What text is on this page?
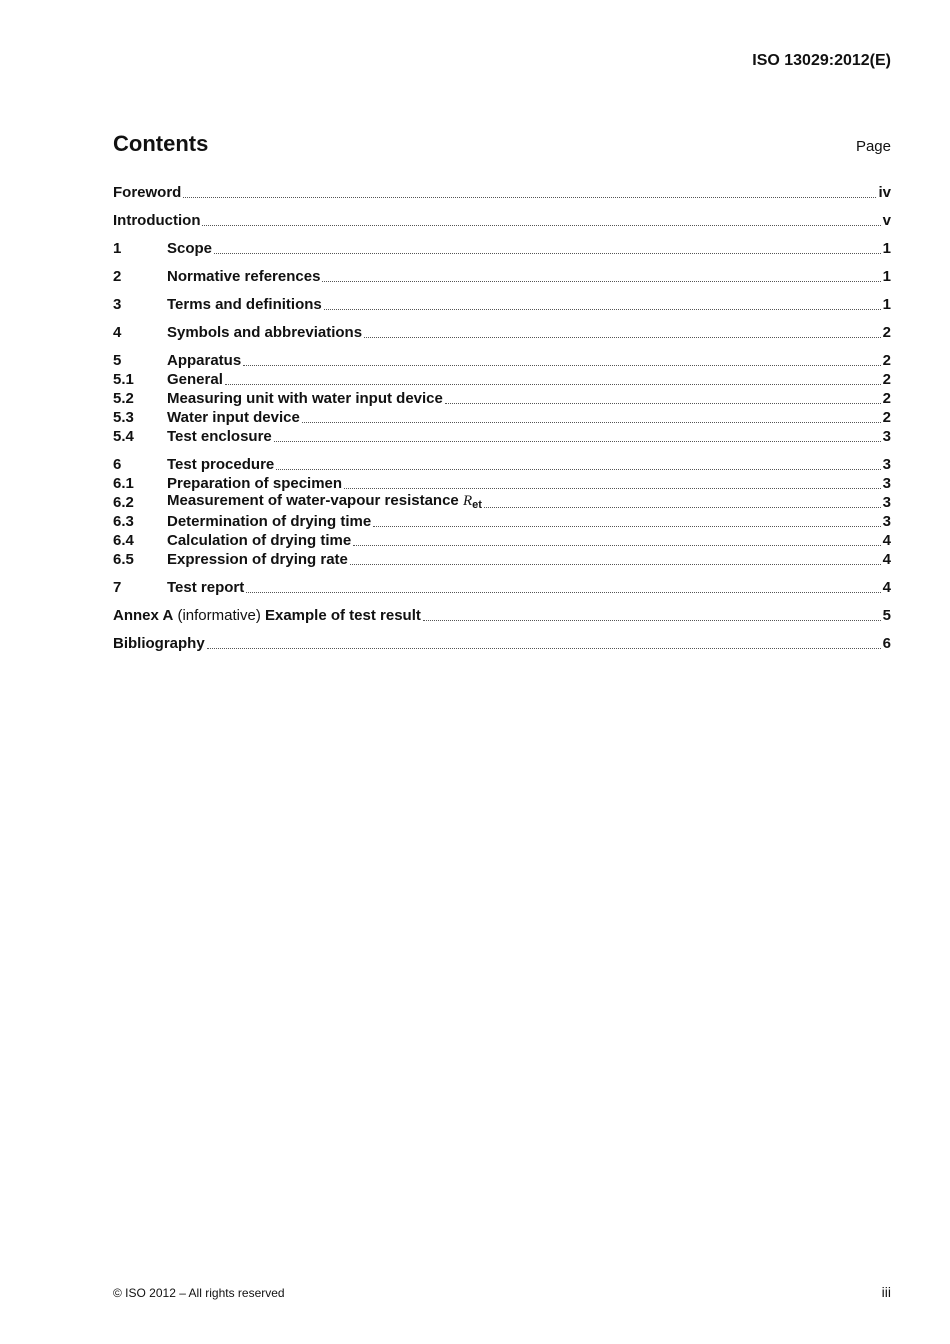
ISO 13029:2012(E)
Contents	Page
Foreword	iv
Introduction	v
1	Scope	1
2	Normative references	1
3	Terms and definitions	1
4	Symbols and abbreviations	2
5	Apparatus	2
5.1	General	2
5.2	Measuring unit with water input device	2
5.3	Water input device	2
5.4	Test enclosure	3
6	Test procedure	3
6.1	Preparation of specimen	3
6.2	Measurement of water-vapour resistance $R_{et}$	3
6.3	Determination of drying time	3
6.4	Calculation of drying time	4
6.5	Expression of drying rate	4
7	Test report	4
Annex A (informative) Example of test result	5
Bibliography	6
© ISO 2012 – All rights reserved	iii
